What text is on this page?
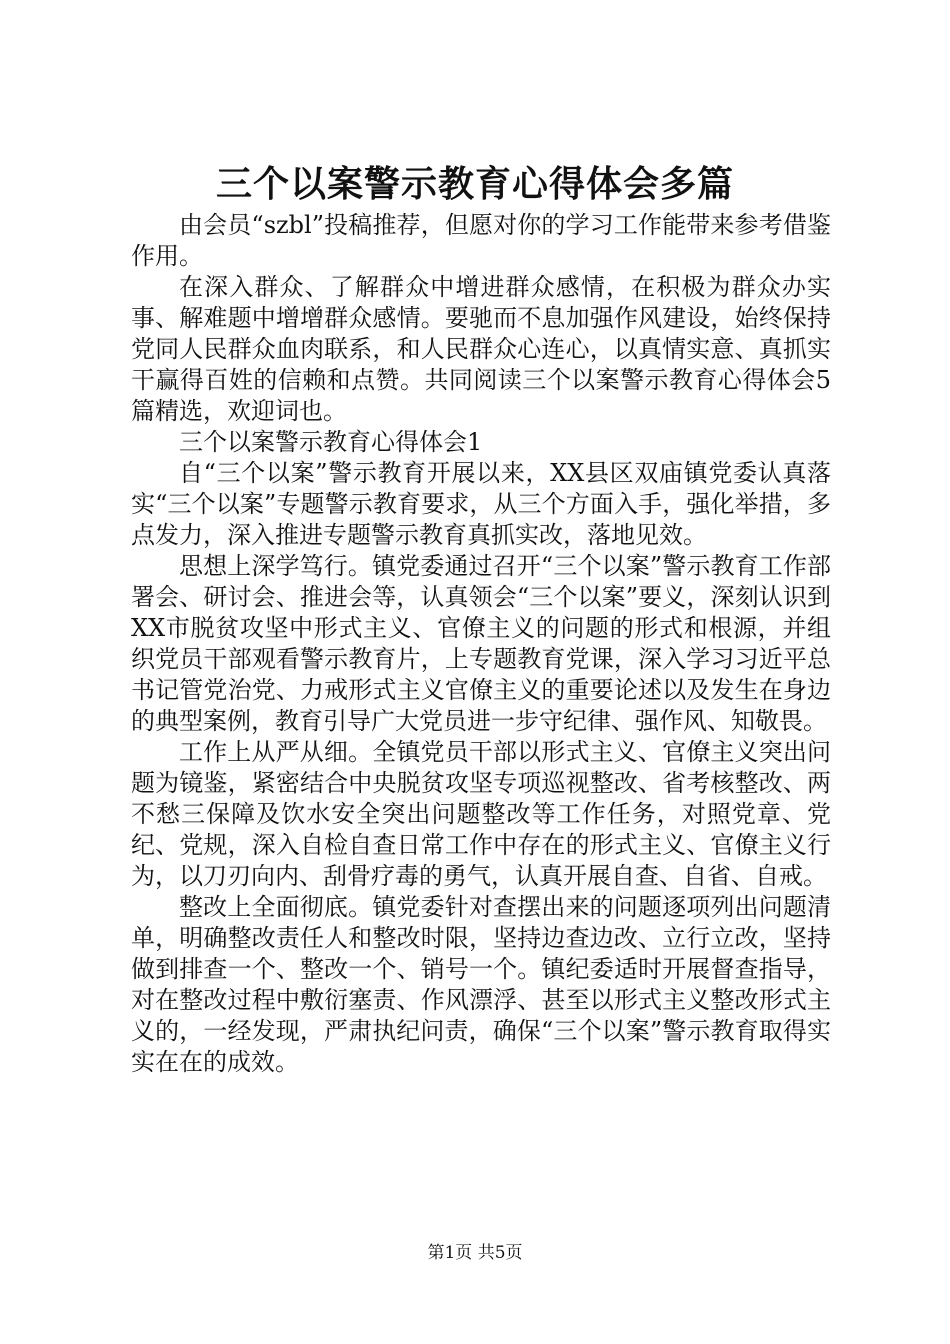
三个以案警示教育心得体会多篇

由会员“szbl”投稿推荐，但愿对你的学习工作能带来参考借鉴作用。

在深入群众、了解群众中增进群众感情，在积极为群众办实事、解难题中增增群众感情。要驰而不息加强作风建设，始终保持党同人民群众血肉联系，和人民群众心连心，以真情实意、真抓实干赢得百姓的信赖和点赞。共同阅读三个以案警示教育心得体会5篇精选，欢迎词也。

三个以案警示教育心得体会1

自“三个以案”警示教育开展以来，XX县区双庙镇党委认真落实“三个以案”专题警示教育要求，从三个方面入手，强化举措，多点发力，深入推进专题警示教育真抓实改，落地见效。

思想上深学笃行。镇党委通过召开“三个以案”警示教育工作部署会、研讨会、推进会等，认真领会“三个以案”要义，深刻认识到XX市脱贫攻坚中形式主义、官僚主义的问题的形式和根源，并组织党员干部观看警示教育片，上专题教育党课，深入学习习近平总书记管党治党、力戒形式主义官僚主义的重要论述以及发生在身边的典型案例，教育引导广大党员进一步守纪律、强作风、知敬畏。

工作上从严从细。全镇党员干部以形式主义、官僚主义突出问题为镜鉴，紧密结合中央脱贫攻坚专项巡视整改、省考核整改、两不愁三保障及饮水安全突出问题整改等工作任务，对照党章、党纪、党规，深入自检自查日常工作中存在的形式主义、官僚主义行为，以刀刃向内、刮骨疗毒的勇气，认真开展自查、自省、自戒。

整改上全面彻底。镇党委针对查摆出来的问题逐项列出问题清单，明确整改责任人和整改时限，坚持边查边改、立行立改，坚持做到排查一个、整改一个、销号一个。镇纪委适时开展督查指导，对在整改过程中敷衍塞责、作风漂浮、甚至以形式主义整改形式主义的，一经发现，严肃执纪问责，确保“三个以案”警示教育取得实实在在的成效。

第1页 共5页
